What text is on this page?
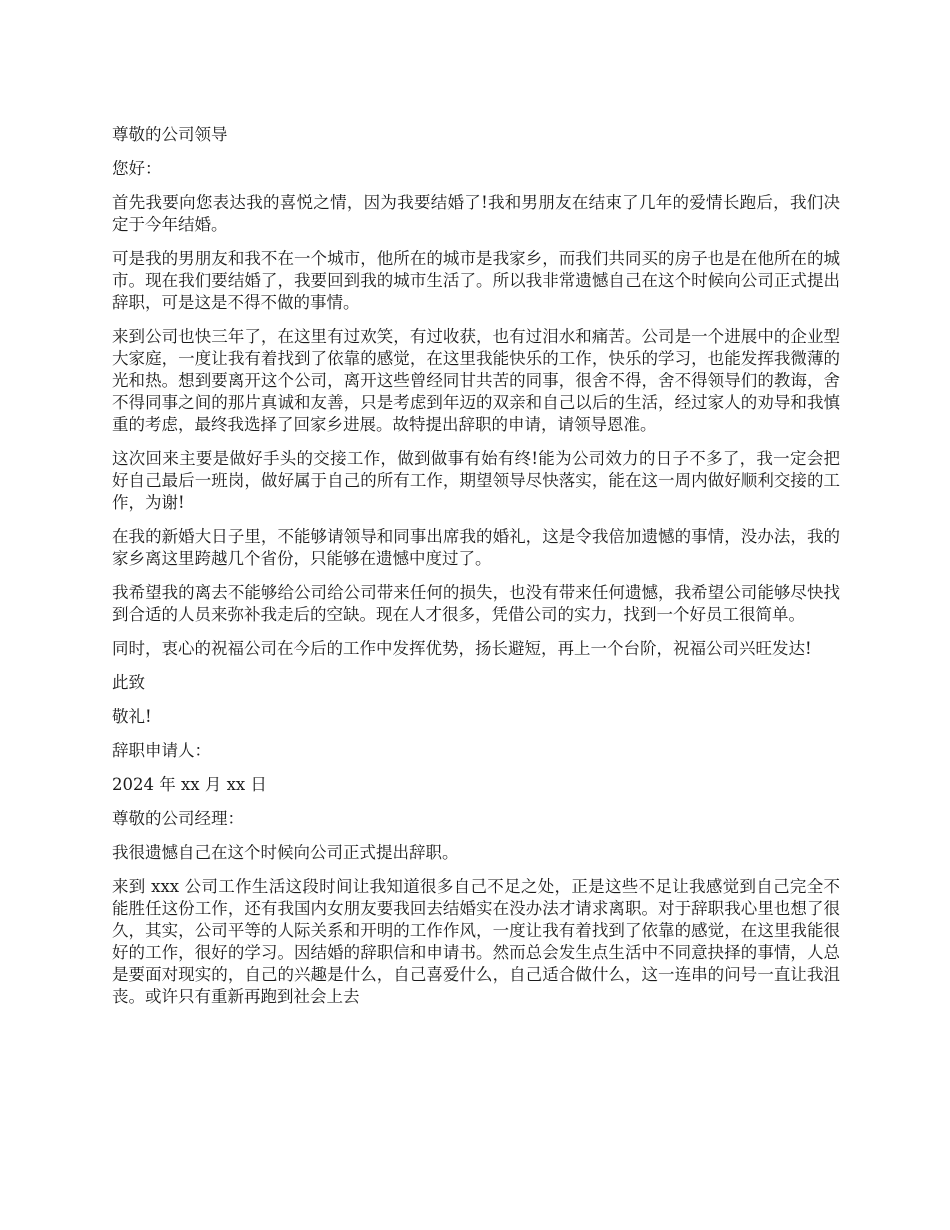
尊敬的公司领导

您好：

首先我要向您表达我的喜悦之情，因为我要结婚了!我和男朋友在结束了几年的爱情长跑后，我们决定于今年结婚。

可是我的男朋友和我不在一个城市，他所在的城市是我家乡，而我们共同买的房子也是在他所在的城市。现在我们要结婚了，我要回到我的城市生活了。所以我非常遗憾自己在这个时候向公司正式提出辞职，可是这是不得不做的事情。

来到公司也快三年了，在这里有过欢笑，有过收获，也有过泪水和痛苦。公司是一个进展中的企业型大家庭，一度让我有着找到了依靠的感觉，在这里我能快乐的工作，快乐的学习，也能发挥我微薄的光和热。想到要离开这个公司，离开这些曾经同甘共苦的同事，很舍不得，舍不得领导们的教诲，舍不得同事之间的那片真诚和友善，只是考虑到年迈的双亲和自己以后的生活，经过家人的劝导和我慎重的考虑，最终我选择了回家乡进展。故特提出辞职的申请，请领导恩准。

这次回来主要是做好手头的交接工作，做到做事有始有终!能为公司效力的日子不多了，我一定会把好自己最后一班岗，做好属于自己的所有工作，期望领导尽快落实，能在这一周内做好顺利交接的工作，为谢!

在我的新婚大日子里，不能够请领导和同事出席我的婚礼，这是令我倍加遗憾的事情，没办法，我的家乡离这里跨越几个省份，只能够在遗憾中度过了。

我希望我的离去不能够给公司给公司带来任何的损失，也没有带来任何遗憾，我希望公司能够尽快找到合适的人员来弥补我走后的空缺。现在人才很多，凭借公司的实力，找到一个好员工很简单。

同时，衷心的祝福公司在今后的工作中发挥优势，扬长避短，再上一个台阶，祝福公司兴旺发达!

此致

敬礼!

辞职申请人：

2024 年 xx 月 xx 日

尊敬的公司经理：

我很遗憾自己在这个时候向公司正式提出辞职。

来到 xxx 公司工作生活这段时间让我知道很多自己不足之处，正是这些不足让我感觉到自己完全不能胜任这份工作，还有我国内女朋友要我回去结婚实在没办法才请求离职。对于辞职我心里也想了很久，其实，公司平等的人际关系和开明的工作作风，一度让我有着找到了依靠的感觉，在这里我能很好的工作，很好的学习。因结婚的辞职信和申请书。然而总会发生点生活中不同意抉择的事情，人总是要面对现实的，自己的兴趣是什么，自己喜爱什么，自己适合做什么，这一连串的问号一直让我沮丧。或许只有重新再跑到社会上去
